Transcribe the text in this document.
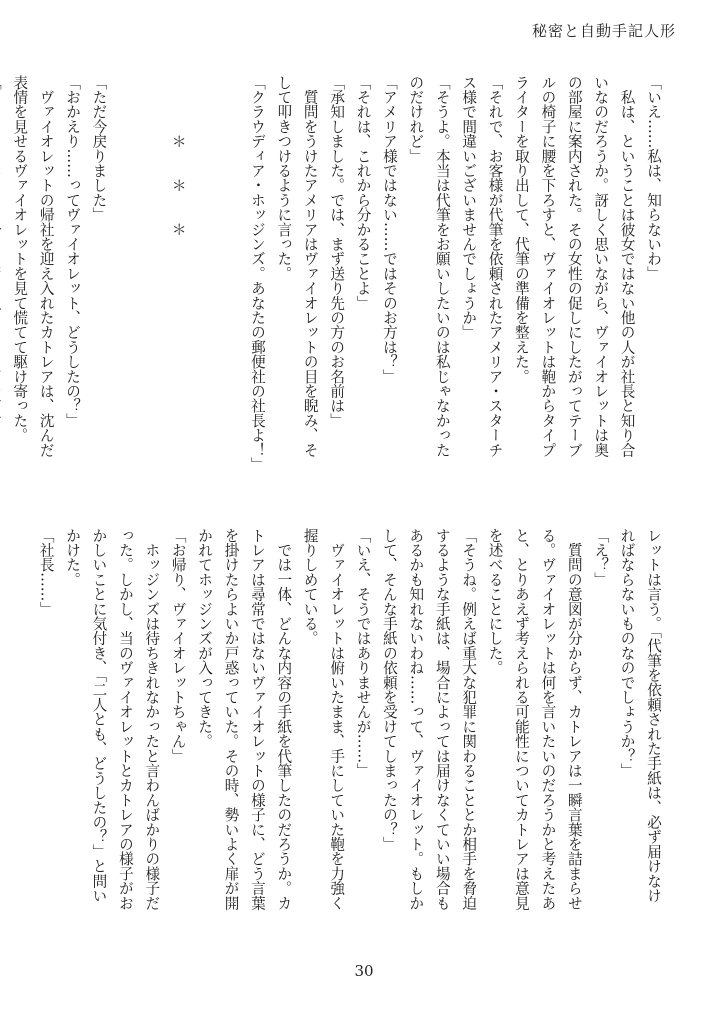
秘密と自動手記人形
「いえ……私は、知らないわ」
　私は、ということは彼女ではない他の人が社長と知り合
いなのだろうか。訝しく思いながら、ヴァイオレットは奥
の部屋に案内された。その女性の促しにしたがってテーブ
ルの椅子に腰を下ろすと、ヴァイオレットは鞄からタイプ
ライターを取り出して、代筆の準備を整えた。
「それで、お客様が代筆を依頼されたアメリア・スターチ
ス様で間違いございませんでしょうか」
「そうよ。本当は代筆をお願いしたいのは私じゃなかった
のだけれど」
「アメリア様ではない……ではそのお方は？」
「それは、これから分かることよ」
「承知しました。では、まず送り先の方のお名前は」
　質問をうけたアメリアはヴァイオレットの目を睨み、そ
して叩きつけるように言った。
「クラウディア・ホッジンズ。あなたの郵便社の社長よ！」

　　　　＊　　＊　　＊

「ただ今戻りました」
「おかえり……ってヴァイオレット、どうしたの？」
　ヴァイオレットの帰社を迎え入れたカトレアは、沈んだ
表情を見せるヴァイオレットを見て慌てて駆け寄った。
レットは言う。「代筆を依頼された手紙は、必ず届けなけ
ればならないものなのでしょうか？」
「え？」
　質問の意図が分からず、カトレアは一瞬言葉を詰まらせ
る。ヴァイオレットは何を言いたいのだろうかと考えたあ
と、とりあえず考えられる可能性についてカトレアは意見
を述べることにした。
「そうね。例えば重大な犯罪に関わることとか相手を脅迫
するような手紙は、場合によっては届けなくていい場合も
あるかも知れないわね……って、ヴァイオレット。もしか
して、そんな手紙の依頼を受けてしまったの？」
「いえ、そうではありませんが……」
　ヴァイオレットは俯いたまま、手にしていた鞄を力強く
握りしめている。
　では一体、どんな内容の手紙を代筆したのだろうか。カ
トレアは尋常ではないヴァイオレットの様子に、どう言葉
を掛けたらよいか戸惑っていた。その時、勢いよく扉が開
かれてホッジンズが入ってきた。
「お帰り、ヴァイオレットちゃん」
　ホッジンズは待ちきれなかったと言わんばかりの様子だ
った。しかし、当のヴァイオレットとカトレアの様子がお
かしいことに気付き、「二人とも、どうしたの？」と問い
かけた。
「社長……」
30
